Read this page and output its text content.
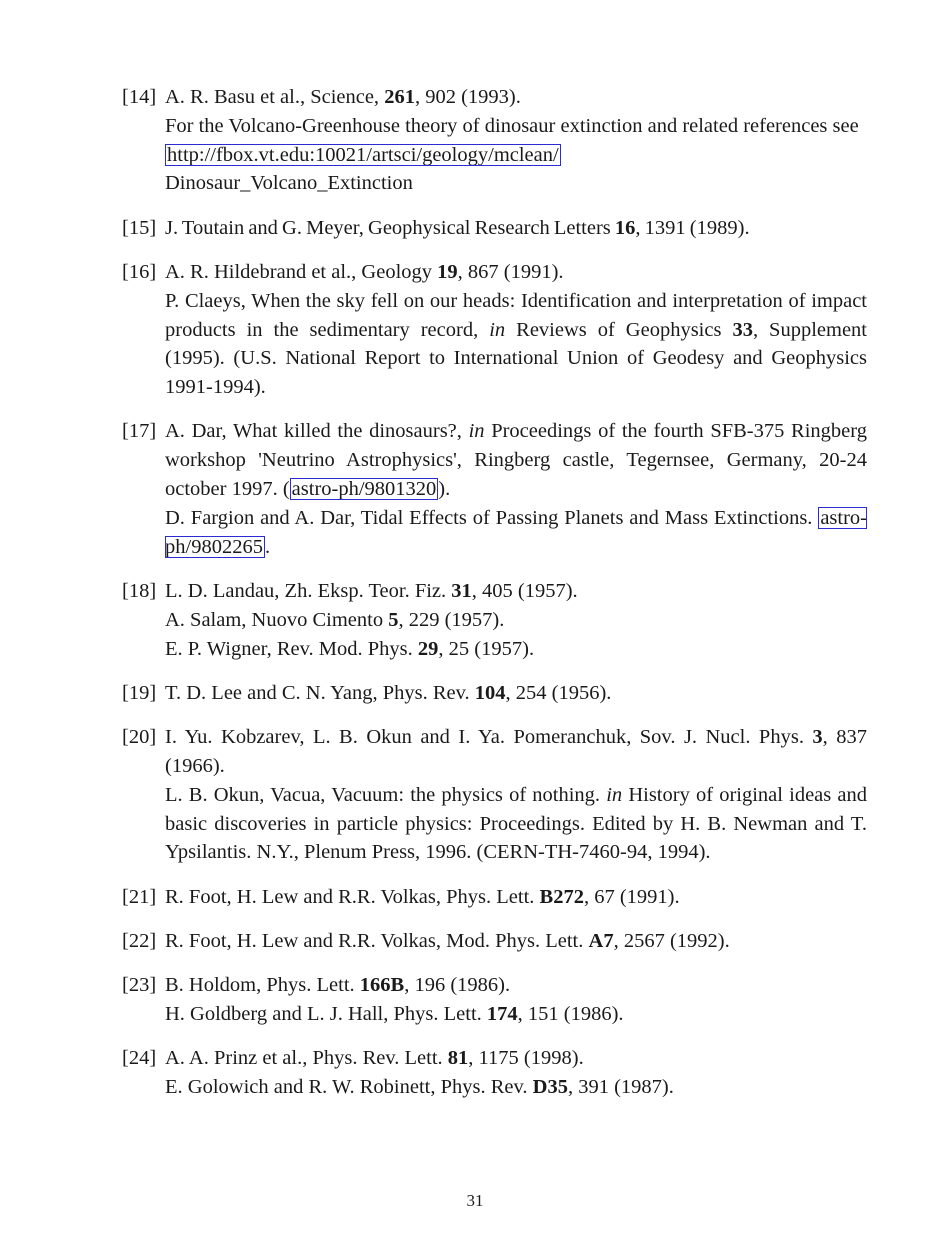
[14] A. R. Basu et al., Science, 261, 902 (1993).
For the Volcano-Greenhouse theory of dinosaur extinction and related references see
http://fbox.vt.edu:10021/artsci/geology/mclean/
Dinosaur_Volcano_Extinction
[15] J. Toutain and G. Meyer, Geophysical Research Letters 16, 1391 (1989).
[16] A. R. Hildebrand et al., Geology 19, 867 (1991).
P. Claeys, When the sky fell on our heads: Identification and interpretation of impact products in the sedimentary record, in Reviews of Geophysics 33, Supplement (1995). (U.S. National Report to International Union of Geodesy and Geophysics 1991-1994).
[17] A. Dar, What killed the dinosaurs?, in Proceedings of the fourth SFB-375 Ringberg workshop 'Neutrino Astrophysics', Ringberg castle, Tegernsee, Germany, 20-24 october 1997. (astro-ph/9801320).
D. Fargion and A. Dar, Tidal Effects of Passing Planets and Mass Extinctions. astro-ph/9802265.
[18] L. D. Landau, Zh. Eksp. Teor. Fiz. 31, 405 (1957).
A. Salam, Nuovo Cimento 5, 229 (1957).
E. P. Wigner, Rev. Mod. Phys. 29, 25 (1957).
[19] T. D. Lee and C. N. Yang, Phys. Rev. 104, 254 (1956).
[20] I. Yu. Kobzarev, L. B. Okun and I. Ya. Pomeranchuk, Sov. J. Nucl. Phys. 3, 837 (1966).
L. B. Okun, Vacua, Vacuum: the physics of nothing. in History of original ideas and basic discoveries in particle physics: Proceedings. Edited by H. B. Newman and T. Ypsilantis. N.Y., Plenum Press, 1996. (CERN-TH-7460-94, 1994).
[21] R. Foot, H. Lew and R.R. Volkas, Phys. Lett. B272, 67 (1991).
[22] R. Foot, H. Lew and R.R. Volkas, Mod. Phys. Lett. A7, 2567 (1992).
[23] B. Holdom, Phys. Lett. 166B, 196 (1986).
H. Goldberg and L. J. Hall, Phys. Lett. 174, 151 (1986).
[24] A. A. Prinz et al., Phys. Rev. Lett. 81, 1175 (1998).
E. Golowich and R. W. Robinett, Phys. Rev. D35, 391 (1987).
31
